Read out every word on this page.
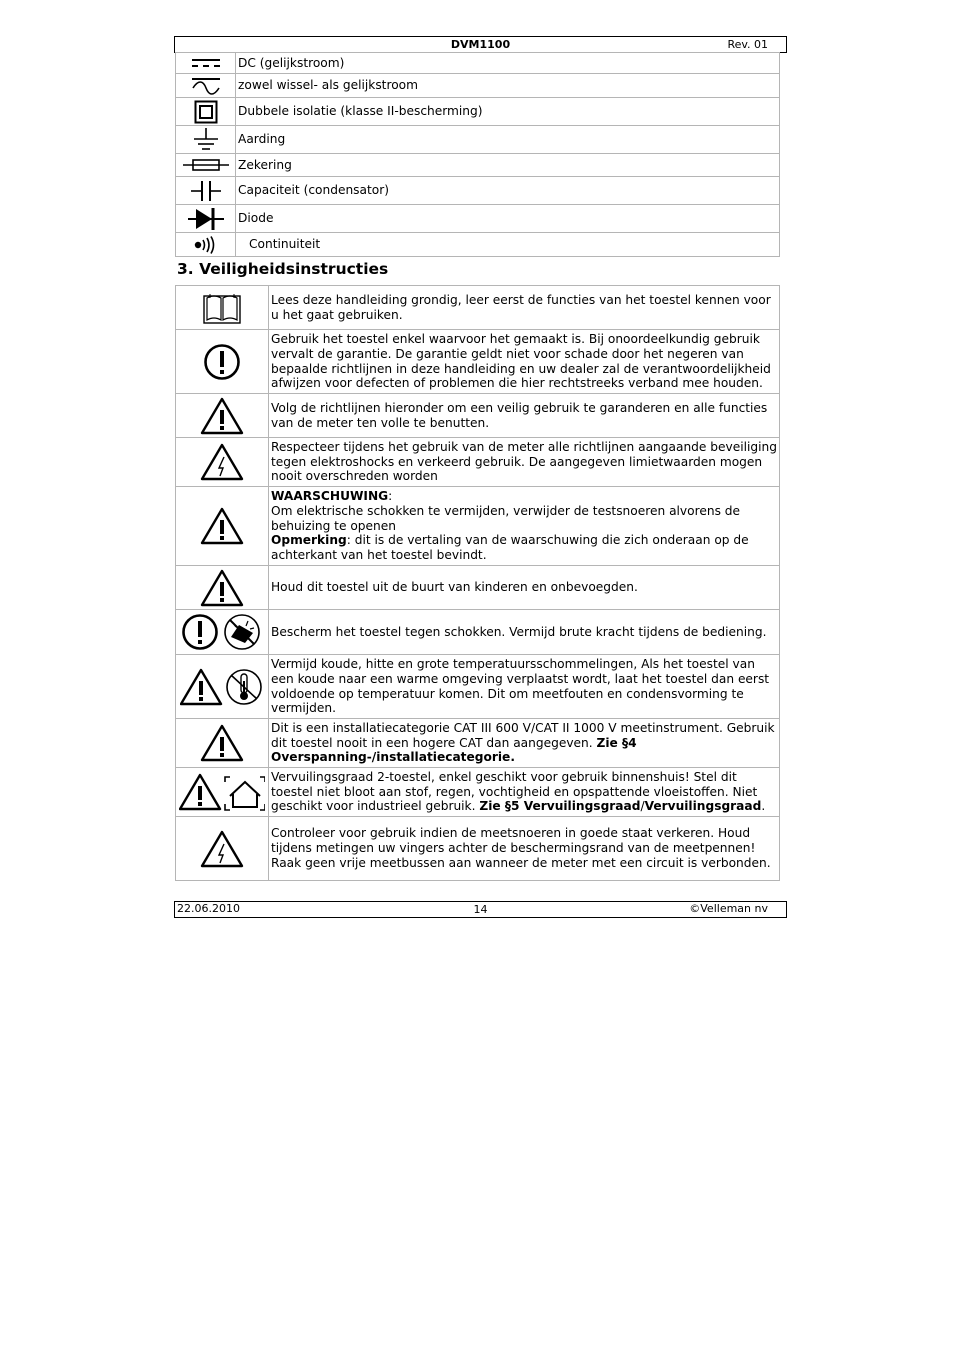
DVM1100	Rev. 01
	DC (gelijkstroom)

	zowel wissel- als gelijkstroom

	Dubbele isolatie (klasse II-bescherming)

	Aarding

	Zekering

	Capaciteit (condensator)

	Diode

	Continuiteit
3. Veiligheidsinstructies
	Lees deze handleiding grondig, leer eerst de functies van het toestel kennen voor u het gaat gebruiken.

	Gebruik het toestel enkel waarvoor het gemaakt is. Bij onoordeelkundig gebruik vervalt de garantie. De garantie geldt niet voor schade door het negeren van bepaalde richtlijnen in deze handleiding en uw dealer zal de verantwoordelijkheid afwijzen voor defecten of problemen die hier rechtstreeks verband mee houden.

	Volg de richtlijnen hieronder om een veilig gebruik te garanderen en alle functies van de meter ten volle te benutten.

	Respecteer tijdens het gebruik van de meter alle richtlijnen aangaande beveiliging tegen elektroshocks en verkeerd gebruik. De aangegeven limietwaarden mogen nooit overschreden worden

	WAARSCHUWING:
Om elektrische schokken te vermijden, verwijder de testsnoeren alvorens de behuizing te openen
Opmerking: dit is de vertaling van de waarschuwing die zich onderaan op de achterkant van het toestel bevindt.

	Houd dit toestel uit de buurt van kinderen en onbevoegden.

	Bescherm het toestel tegen schokken. Vermijd brute kracht tijdens de bediening.

	Vermijd koude, hitte en grote temperatuursschommelingen, Als het toestel van een koude naar een warme omgeving verplaatst wordt, laat het toestel dan eerst voldoende op temperatuur komen. Dit om meetfouten en condensvorming te vermijden.

	Dit is een installatiecategorie CAT III 600 V/CAT II 1000 V meetinstrument. Gebruik dit toestel nooit in een hogere CAT dan aangegeven. Zie §4 Overspanning-/installatiecategorie.

	Vervuilingsgraad 2-toestel, enkel geschikt voor gebruik binnenshuis! Stel dit toestel niet bloot aan stof, regen, vochtigheid en opspattende vloeistoffen. Niet geschikt voor industrieel gebruik. Zie §5 Vervuilingsgraad/Vervuilingsgraad.

	Controleer voor gebruik indien de meetsnoeren in goede staat verkeren. Houd tijdens metingen uw vingers achter de beschermingsrand van de meetpennen! Raak geen vrije meetbussen aan wanneer de meter met een circuit is verbonden.
22.06.2010	14	©Velleman nv
